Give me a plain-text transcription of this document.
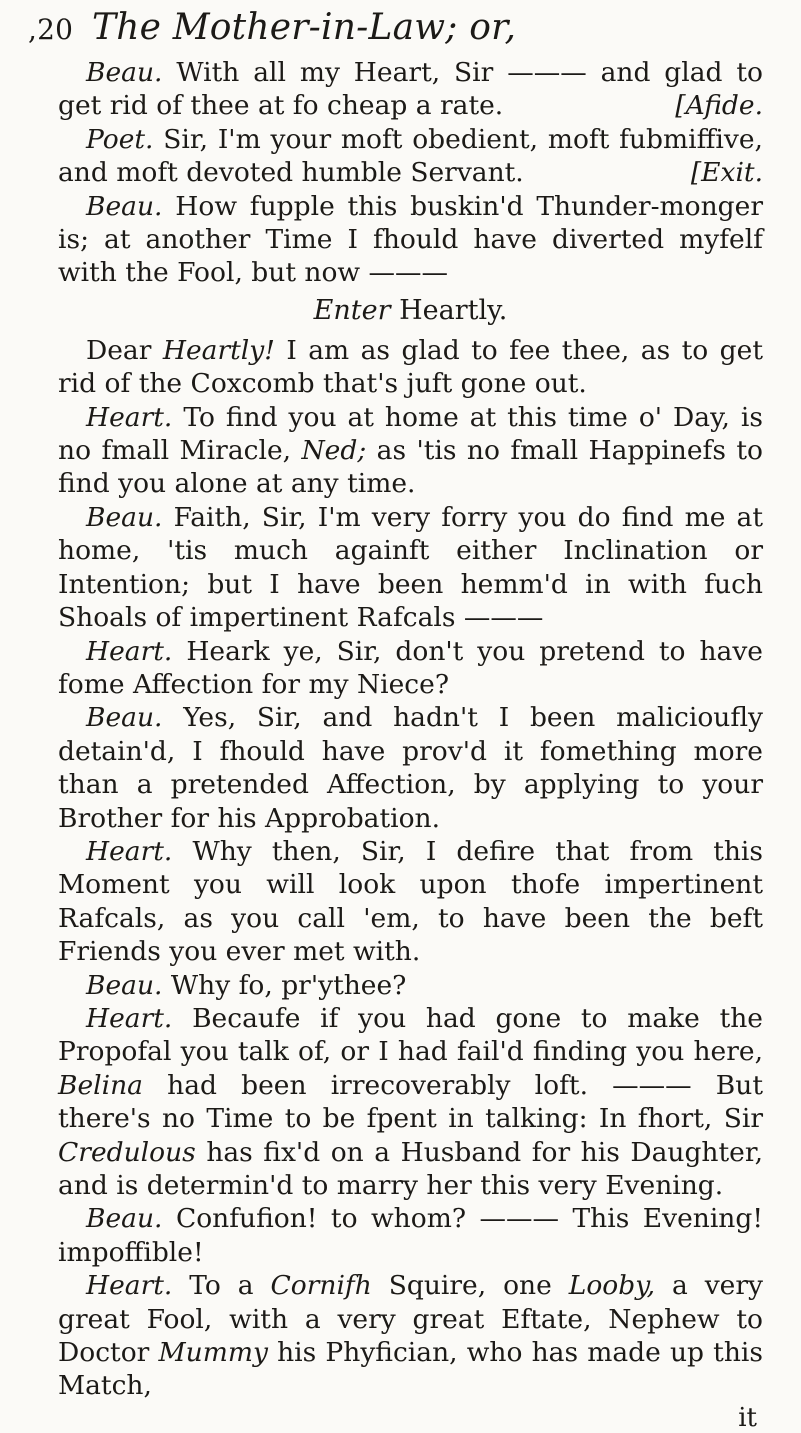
,20 The Mother-in-Law; or,

Beau. With all my Heart, Sir ——— and glad to get rid of thee at fo cheap a rate.	[Afide.

Poet. Sir, I'm your moft obedient, moft fubmiffive, and moft devoted humble Servant.	[Exit.

Beau. How fupple this buskin'd Thunder-monger is; at another Time I fhould have diverted myfelf with the Fool, but now ———

Enter Heartly.

Dear Heartly! I am as glad to fee thee, as to get rid of the Coxcomb that's juft gone out.

Heart. To find you at home at this time o' Day, is no fmall Miracle, Ned; as 'tis no fmall Happinefs to find you alone at any time.

Beau. Faith, Sir, I'm very forry you do find me at home, 'tis much againft either Inclination or Intention; but I have been hemm'd in with fuch Shoals of impertinent Rafcals ———

Heart. Heark ye, Sir, don't you pretend to have fome Affection for my Niece?

Beau. Yes, Sir, and hadn't I been malicioufly detain'd, I fhould have prov'd it fomething more than a pretended Affection, by applying to your Brother for his Approbation.

Heart. Why then, Sir, I defire that from this Moment you will look upon thofe impertinent Rafcals, as you call 'em, to have been the beft Friends you ever met with.

Beau. Why fo, pr'ythee?

Heart. Becaufe if you had gone to make the Propofal you talk of, or I had fail'd finding you here, Belina had been irrecoverably loft. ——— But there's no Time to be fpent in talking: In fhort, Sir Credulous has fix'd on a Husband for his Daughter, and is determin'd to marry her this very Evening.

Beau. Confufion! to whom? ——— This Evening! impoffible!

Heart. To a Cornifh Squire, one Looby, a very great Fool, with a very great Eftate, Nephew to Doctor Mummy his Phyfician, who has made up this Match,

it
